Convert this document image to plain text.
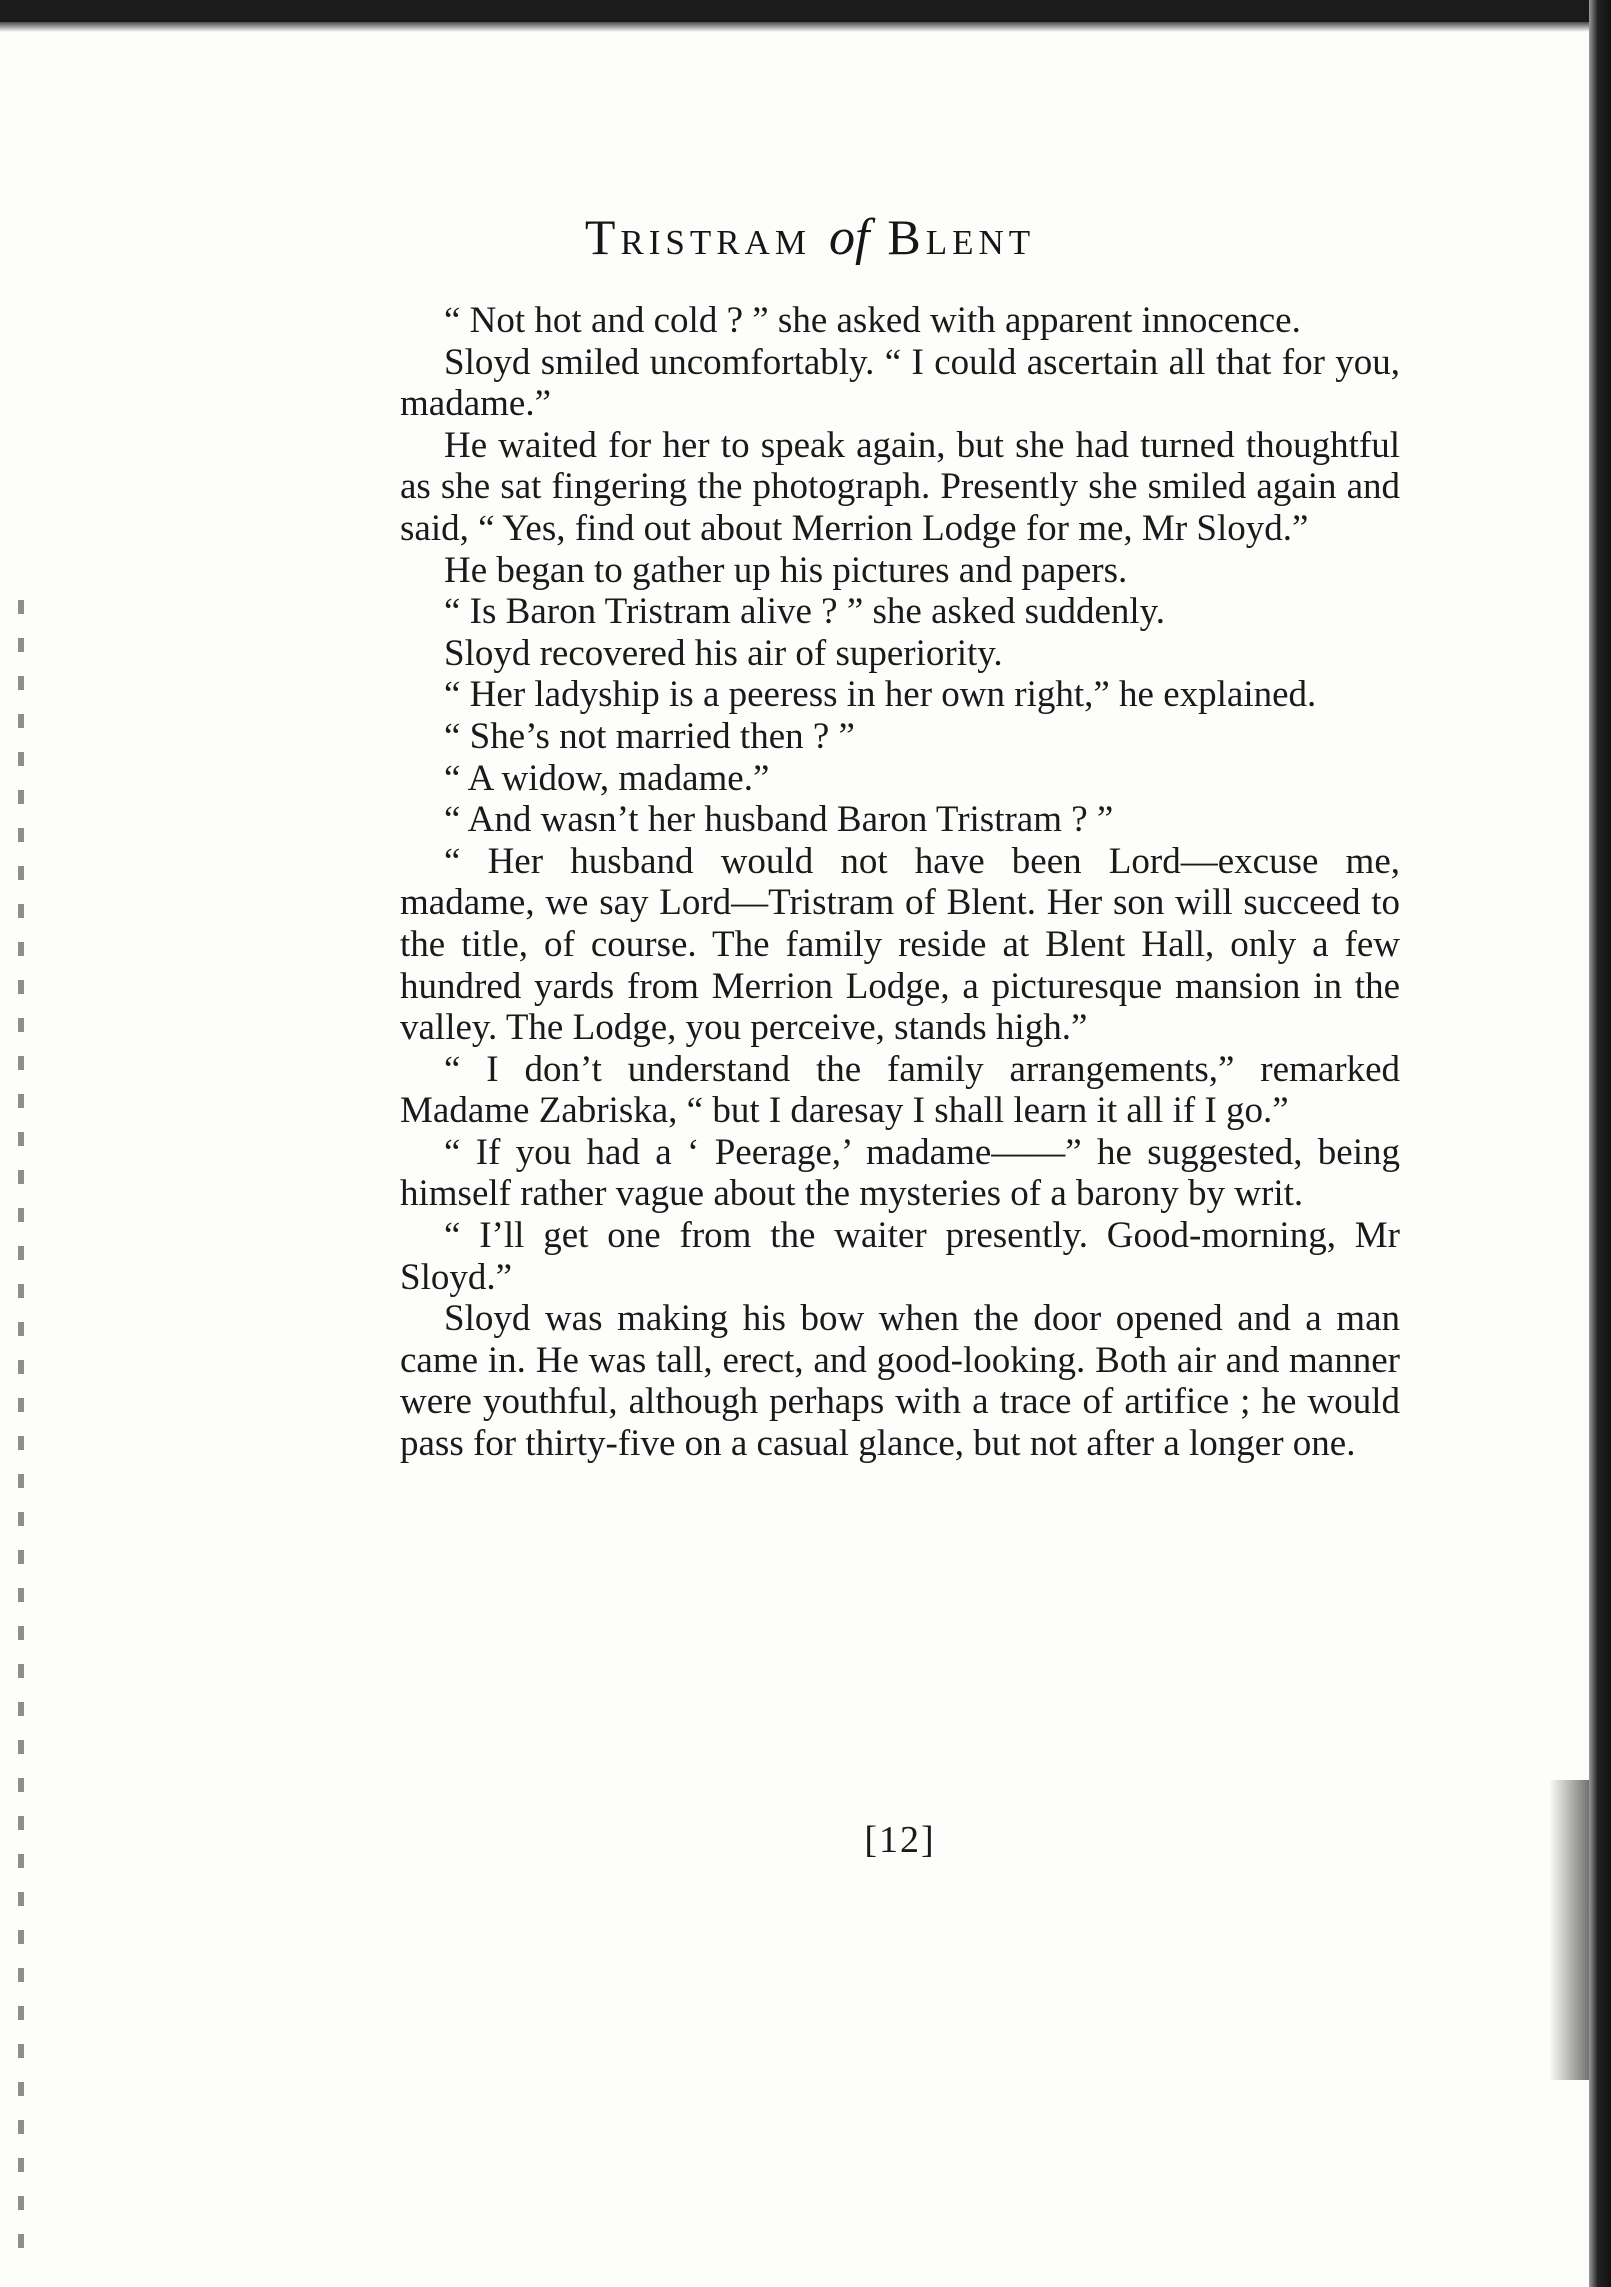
Tristram of Blent

“ Not hot and cold ? ” she asked with apparent innocence.

Sloyd smiled uncomfortably. “ I could ascertain all that for you, madame.”

He waited for her to speak again, but she had turned thoughtful as she sat fingering the photograph. Presently she smiled again and said, “ Yes, find out about Merrion Lodge for me, Mr Sloyd.”

He began to gather up his pictures and papers.

“ Is Baron Tristram alive ? ” she asked suddenly.

Sloyd recovered his air of superiority.

“ Her ladyship is a peeress in her own right,” he explained.

“ She’s not married then ? ”

“ A widow, madame.”

“ And wasn’t her husband Baron Tristram ? ”

“ Her husband would not have been Lord—excuse me, madame, we say Lord—Tristram of Blent. Her son will succeed to the title, of course. The family reside at Blent Hall, only a few hundred yards from Merrion Lodge, a picturesque mansion in the valley. The Lodge, you perceive, stands high.”

“ I don’t understand the family arrangements,” remarked Madame Zabriska, “ but I daresay I shall learn it all if I go.”

“ If you had a ‘ Peerage,’ madame——” he suggested, being himself rather vague about the mysteries of a barony by writ.

“ I’ll get one from the waiter presently. Good-morning, Mr Sloyd.”

Sloyd was making his bow when the door opened and a man came in. He was tall, erect, and good-looking. Both air and manner were youthful, although perhaps with a trace of artifice ; he would pass for thirty-five on a casual glance, but not after a longer one.

[12]
